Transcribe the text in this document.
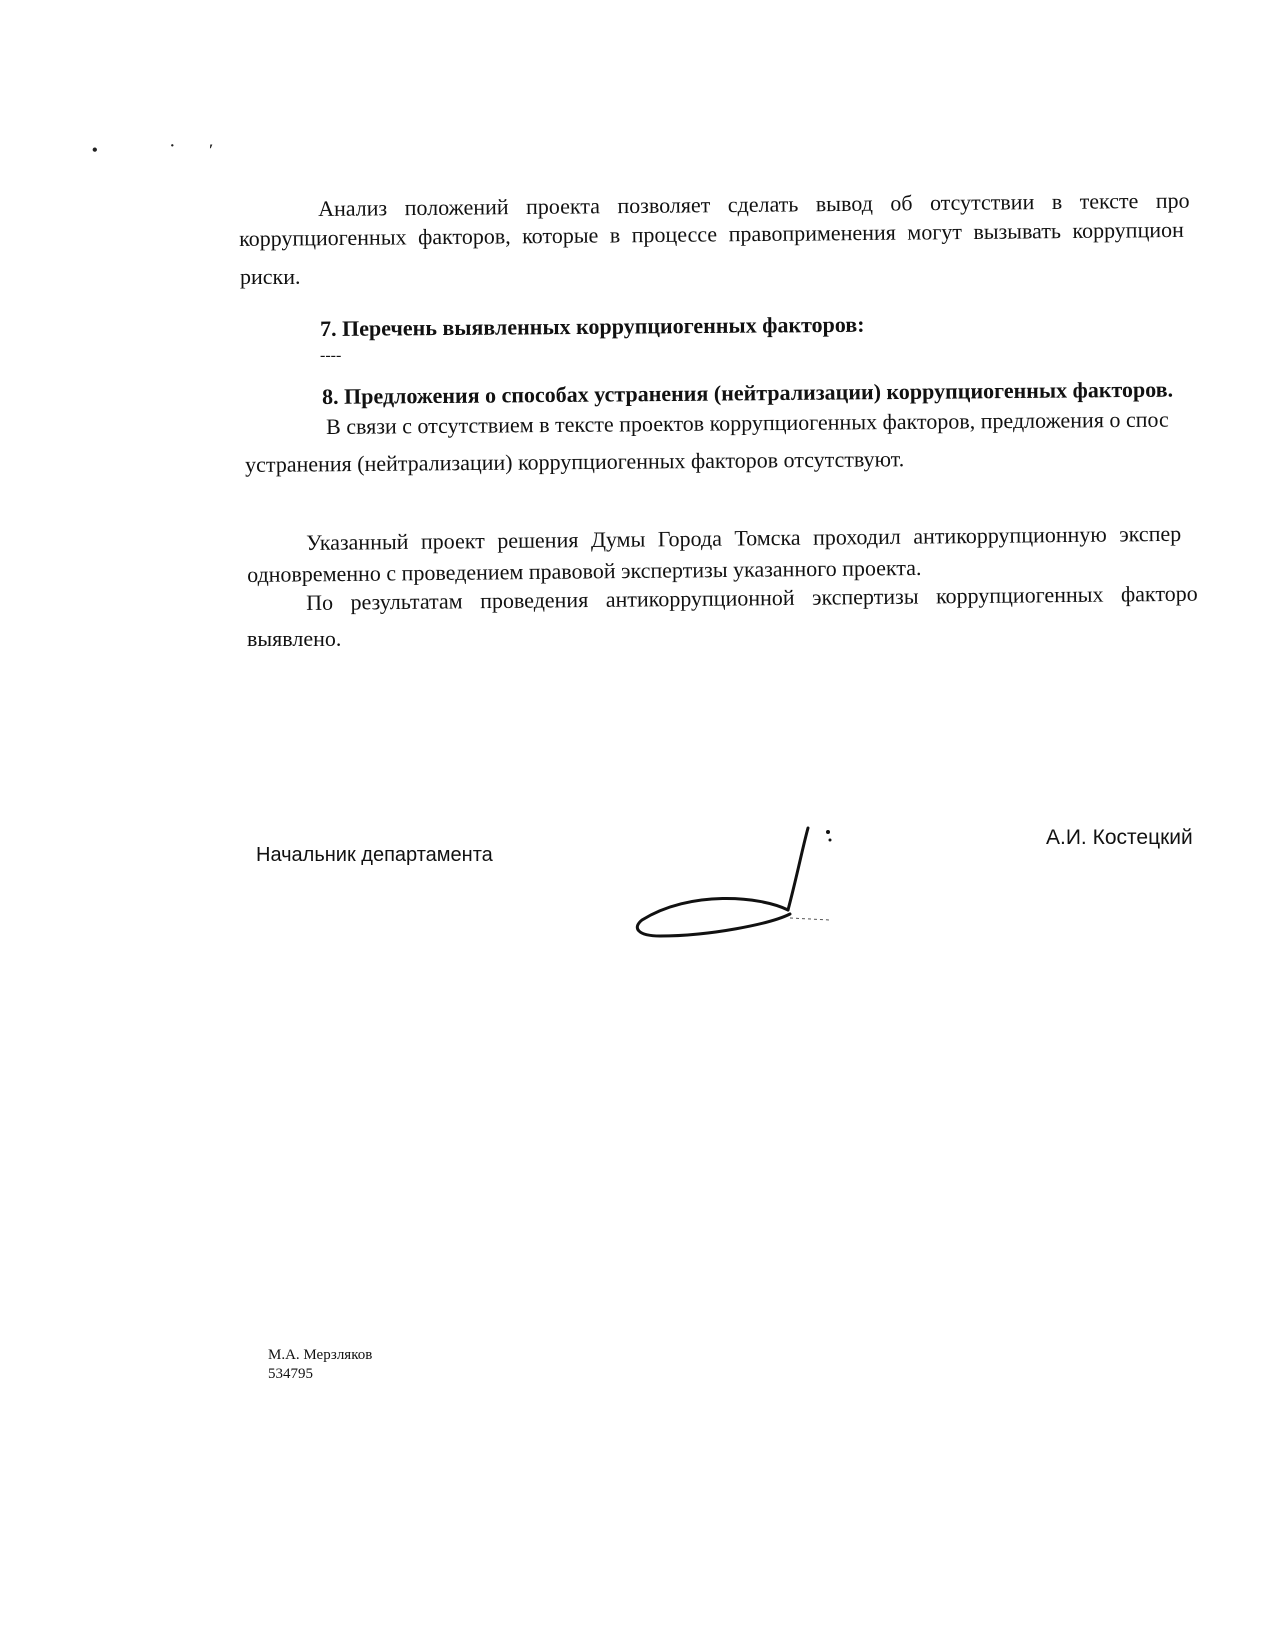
• ˙′
Анализ положений проекта позволяет сделать вывод об отсутствии в тексте про
коррупциогенных факторов, которые в процессе правоприменения могут вызывать коррупцион
риски.
7. Перечень выявленных коррупциогенных факторов:
----
8. Предложения о способах устранения (нейтрализации) коррупциогенных факторов.
В связи с отсутствием в тексте проектов коррупциогенных факторов, предложения о спос
устранения (нейтрализации) коррупциогенных факторов отсутствуют.
Указанный проект решения Думы Города Томска проходил антикоррупционную экспер
одновременно с проведением правовой экспертизы указанного проекта.
По результатам проведения антикоррупционной экспертизы коррупциогенных факторо
выявлено.
Начальник департамента
А.И. Костецкий
М.А. Мерзляков
534795
